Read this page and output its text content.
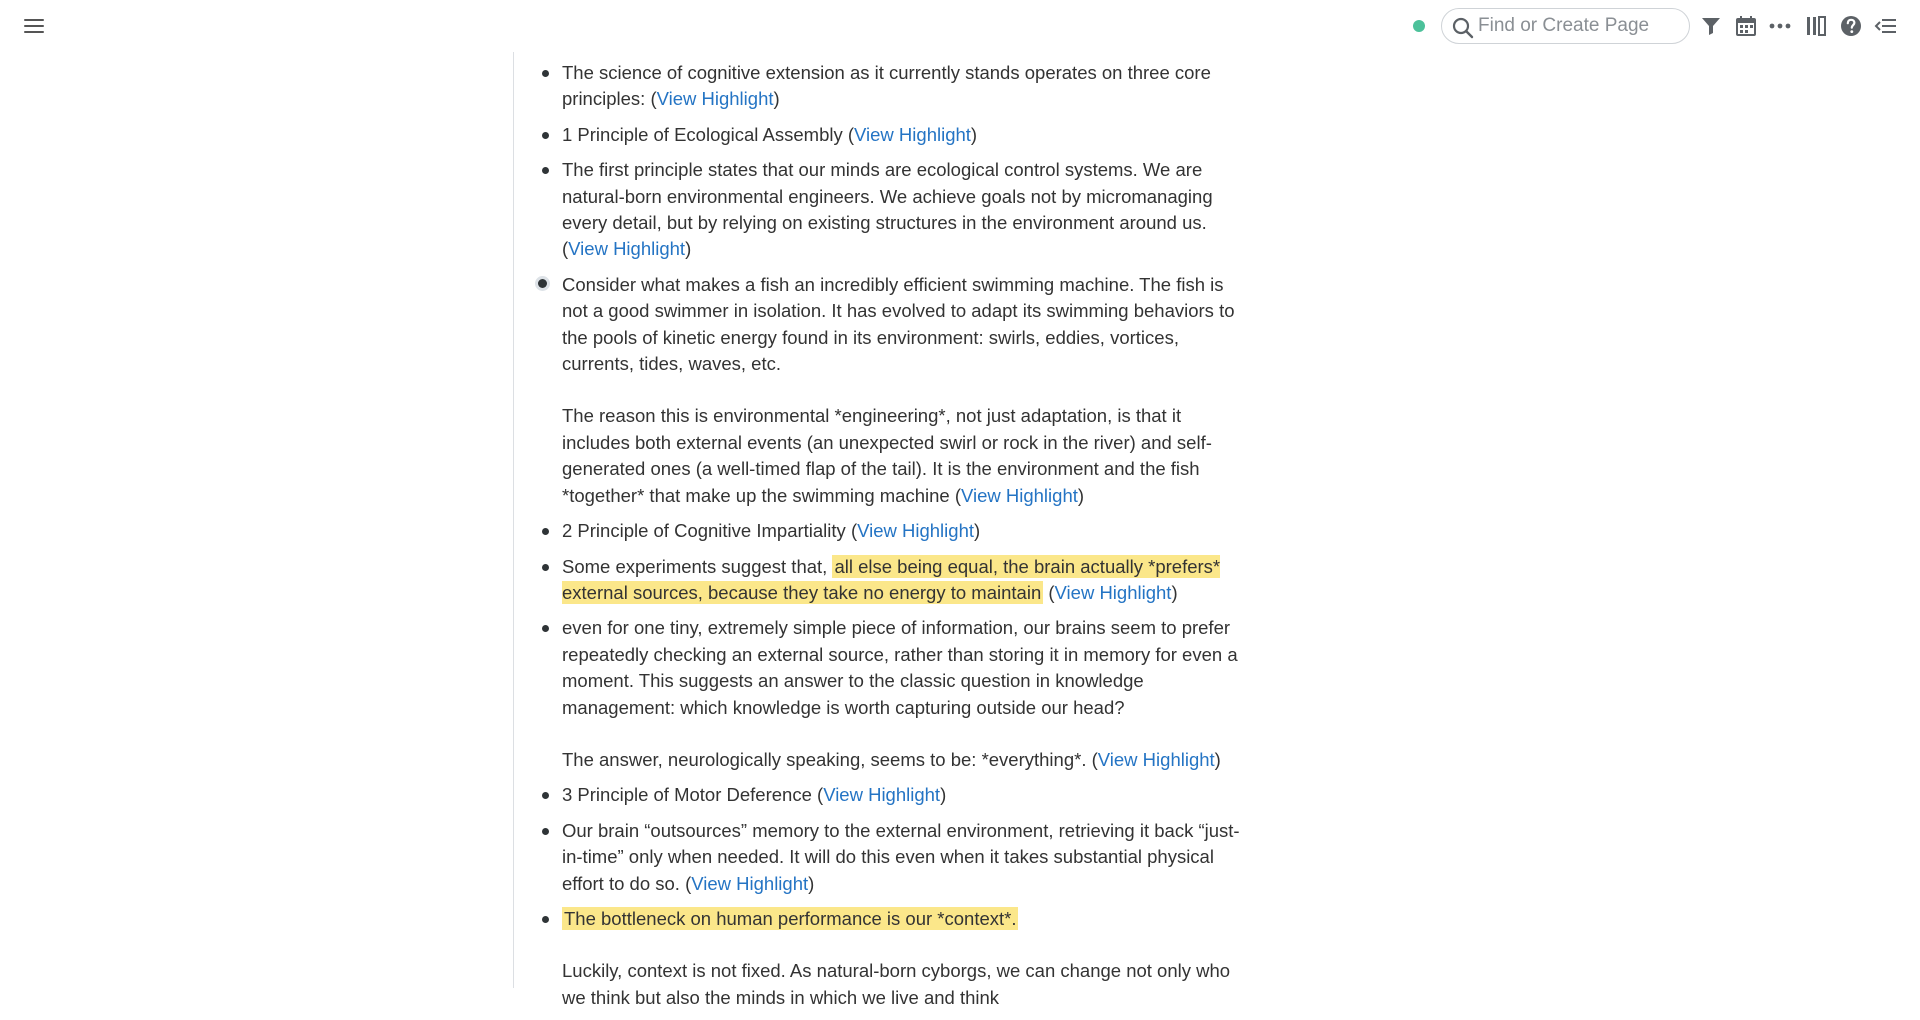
Find or Create Page
The science of cognitive extension as it currently stands operates on three core principles: (View Highlight)
1 Principle of Ecological Assembly (View Highlight)
The first principle states that our minds are ecological control systems. We are natural-born environmental engineers. We achieve goals not by micromanaging every detail, but by relying on existing structures in the environment around us. (View Highlight)
Consider what makes a fish an incredibly efficient swimming machine. The fish is not a good swimmer in isolation. It has evolved to adapt its swimming behaviors to the pools of kinetic energy found in its environment: swirls, eddies, vortices, currents, tides, waves, etc.
The reason this is environmental *engineering*, not just adaptation, is that it includes both external events (an unexpected swirl or rock in the river) and self-generated ones (a well-timed flap of the tail). It is the environment and the fish *together* that make up the swimming machine (View Highlight)
2 Principle of Cognitive Impartiality (View Highlight)
Some experiments suggest that, all else being equal, the brain actually *prefers* external sources, because they take no energy to maintain (View Highlight)
even for one tiny, extremely simple piece of information, our brains seem to prefer repeatedly checking an external source, rather than storing it in memory for even a moment. This suggests an answer to the classic question in knowledge management: which knowledge is worth capturing outside our head?
The answer, neurologically speaking, seems to be: *everything*. (View Highlight)
3 Principle of Motor Deference (View Highlight)
Our brain “outsources” memory to the external environment, retrieving it back “just-in-time” only when needed. It will do this even when it takes substantial physical effort to do so. (View Highlight)
The bottleneck on human performance is our *context*.
Luckily, context is not fixed. As natural-born cyborgs, we can change not only who we think but also the minds in which we live and think
